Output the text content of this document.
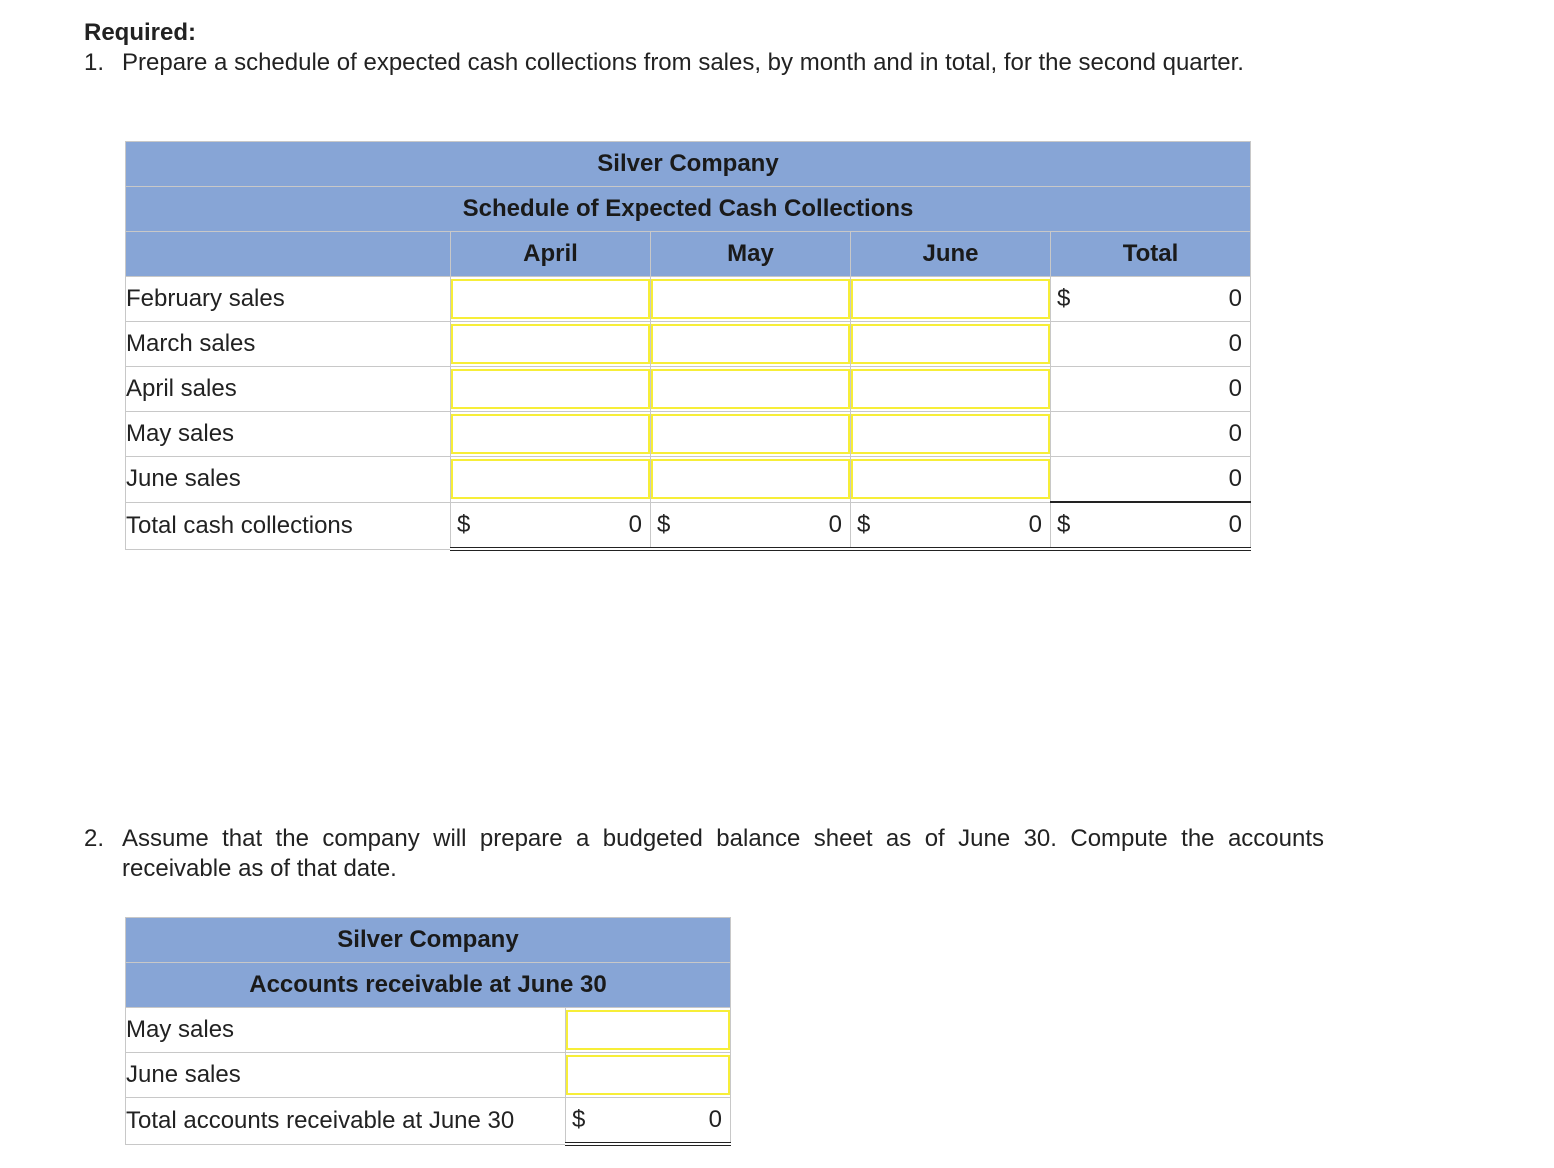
Required:
1. Prepare a schedule of expected cash collections from sales, by month and in total, for the second quarter.
Silver Company				
Schedule of Expected Cash Collections				
	April	May	June	Total
February sales				$ 0

March sales				0

April sales				0

May sales				0

June sales				0

Total cash collections	$ 0	$ 0	$ 0	$ 0
2. Assume that the company will prepare a budgeted balance sheet as of June 30. Compute the accounts receivable as of that date.
Silver Company	
Accounts receivable at June 30	
May sales	

June sales	

Total accounts receivable at June 30	$ 0
